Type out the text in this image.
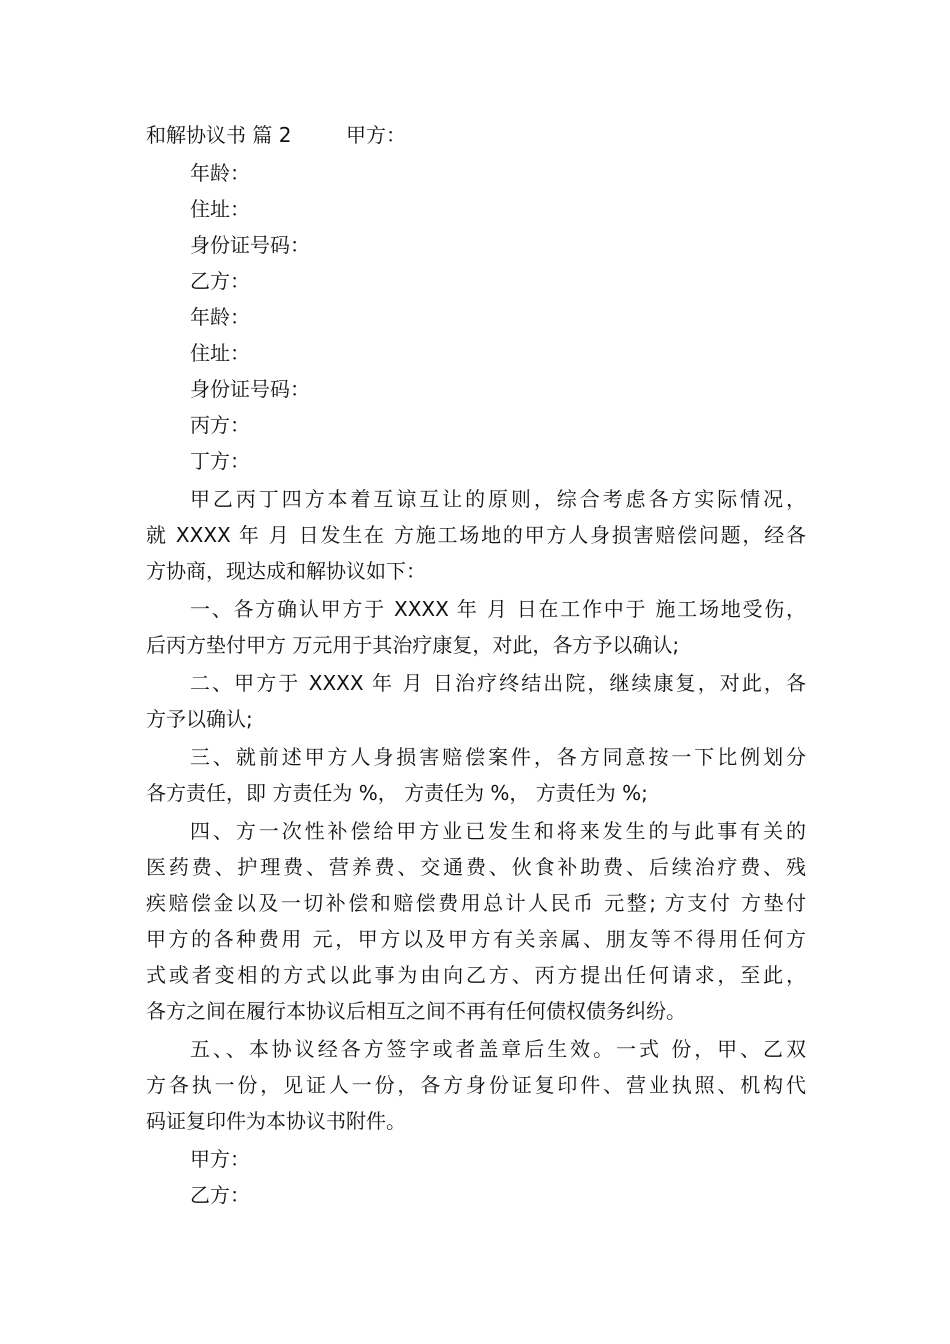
和解协议书 篇 2	甲方：
年龄：
住址：
身份证号码：
乙方：
年龄：
住址：
身份证号码：
丙方：
丁方：
甲乙丙丁四方本着互谅互让的原则，综合考虑各方实际情况，
就 XXXX 年 月 日发生在 方施工场地的甲方人身损害赔偿问题，经各
方协商，现达成和解协议如下：
一、各方确认甲方于 XXXX 年 月 日在工作中于 施工场地受伤，
后丙方垫付甲方 万元用于其治疗康复，对此，各方予以确认;
二、甲方于 XXXX 年 月 日治疗终结出院，继续康复，对此，各
方予以确认;
三、就前述甲方人身损害赔偿案件，各方同意按一下比例划分
各方责任，即 方责任为 %， 方责任为 %， 方责任为 %;
四、方一次性补偿给甲方业已发生和将来发生的与此事有关的
医药费、护理费、营养费、交通费、伙食补助费、后续治疗费、残
疾赔偿金以及一切补偿和赔偿费用总计人民币 元整; 方支付 方垫付
甲方的各种费用 元，甲方以及甲方有关亲属、朋友等不得用任何方
式或者变相的方式以此事为由向乙方、丙方提出任何请求，至此，
各方之间在履行本协议后相互之间不再有任何债权债务纠纷。
五、、本协议经各方签字或者盖章后生效。一式 份，甲、乙双
方各执一份，见证人一份，各方身份证复印件、营业执照、机构代
码证复印件为本协议书附件。
甲方：
乙方：
